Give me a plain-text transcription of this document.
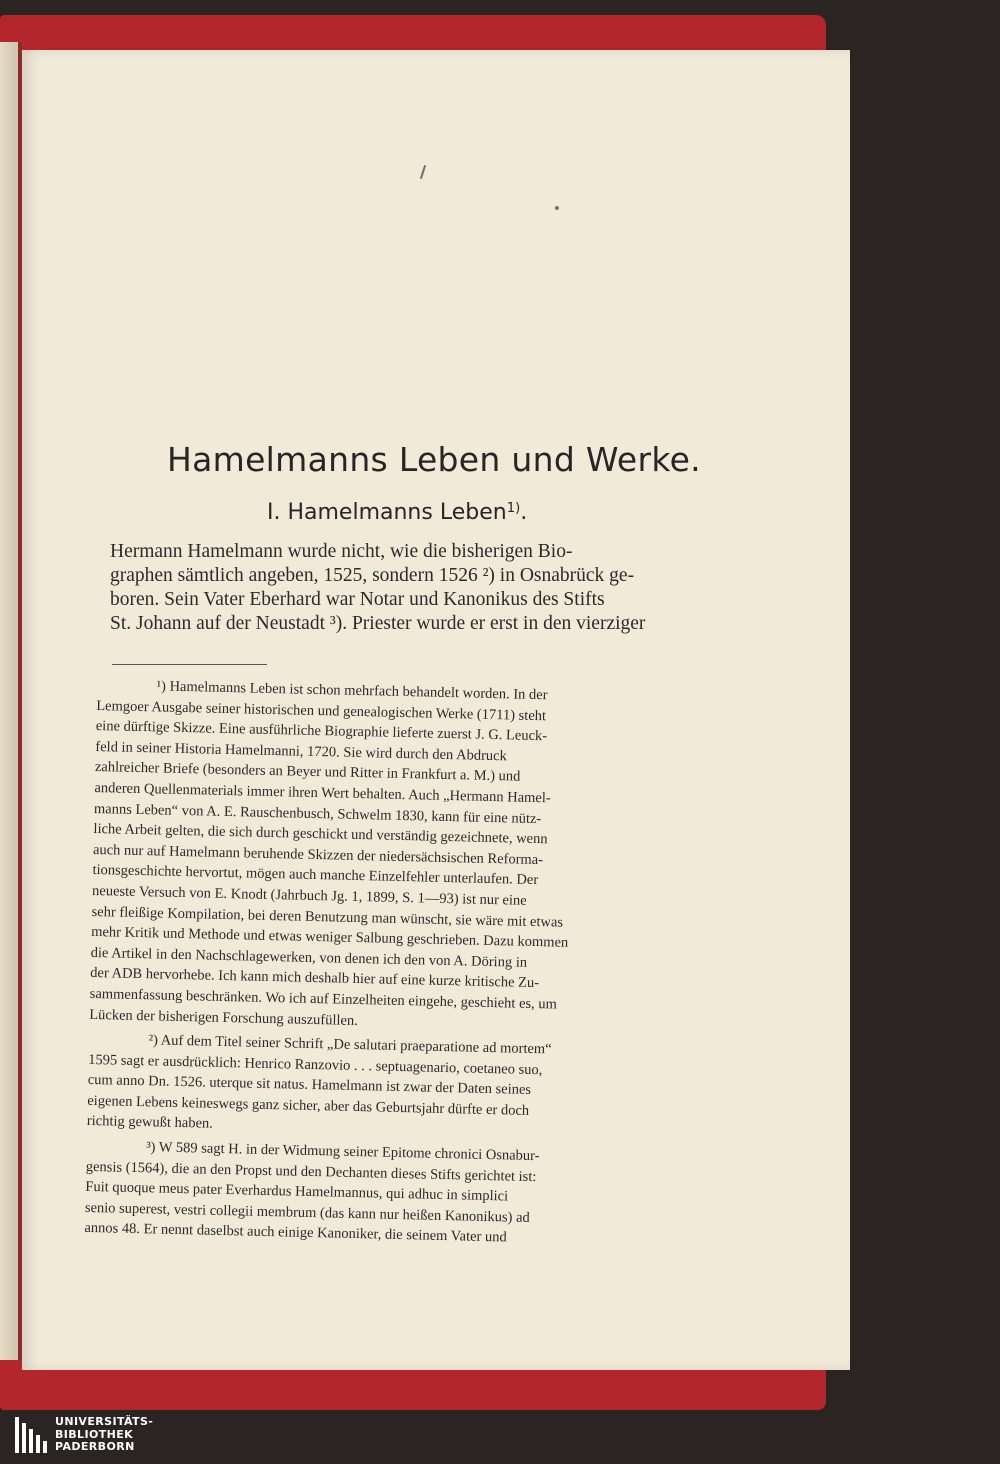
Hamelmanns Leben und Werke.
I. Hamelmanns Leben$^{1)}$.
Hermann Hamelmann wurde nicht, wie die bisherigen Bio-
graphen sämtlich angeben, 1525, sondern 1526 ²) in Osnabrück ge-
boren. Sein Vater Eberhard war Notar und Kanonikus des Stifts
St. Johann auf der Neustadt ³). Priester wurde er erst in den vierziger
¹) Hamelmanns Leben ist schon mehrfach behandelt worden. In der
Lemgoer Ausgabe seiner historischen und genealogischen Werke (1711) steht
eine dürftige Skizze. Eine ausführliche Biographie lieferte zuerst J. G. Leuck-
feld in seiner Historia Hamelmanni, 1720. Sie wird durch den Abdruck
zahlreicher Briefe (besonders an Beyer und Ritter in Frankfurt a. M.) und
anderen Quellenmaterials immer ihren Wert behalten. Auch „Hermann Hamel-
manns Leben“ von A. E. Rauschenbusch, Schwelm 1830, kann für eine nütz-
liche Arbeit gelten, die sich durch geschickt und verständig gezeichnete, wenn
auch nur auf Hamelmann beruhende Skizzen der niedersächsischen Reforma-
tionsgeschichte hervortut, mögen auch manche Einzelfehler unterlaufen. Der
neueste Versuch von E. Knodt (Jahrbuch Jg. 1, 1899, S. 1—93) ist nur eine
sehr fleißige Kompilation, bei deren Benutzung man wünscht, sie wäre mit etwas
mehr Kritik und Methode und etwas weniger Salbung geschrieben. Dazu kommen
die Artikel in den Nachschlagewerken, von denen ich den von A. Döring in
der ADB hervorhebe. Ich kann mich deshalb hier auf eine kurze kritische Zu-
sammenfassung beschränken. Wo ich auf Einzelheiten eingehe, geschieht es, um
Lücken der bisherigen Forschung auszufüllen.
²) Auf dem Titel seiner Schrift „De salutari praeparatione ad mortem“
1595 sagt er ausdrücklich: Henrico Ranzovio . . . septuagenario, coetaneo suo,
cum anno Dn. 1526. uterque sit natus. Hamelmann ist zwar der Daten seines
eigenen Lebens keineswegs ganz sicher, aber das Geburtsjahr dürfte er doch
richtig gewußt haben.
³) W 589 sagt H. in der Widmung seiner Epitome chronici Osnabur-
gensis (1564), die an den Propst und den Dechanten dieses Stifts gerichtet ist:
Fuit quoque meus pater Everhardus Hamelmannus, qui adhuc in simplici
senio superest, vestri collegii membrum (das kann nur heißen Kanonikus) ad
annos 48. Er nennt daselbst auch einige Kanoniker, die seinem Vater und
UNIVERSITÄTS-
BIBLIOTHEK
PADERBORN
